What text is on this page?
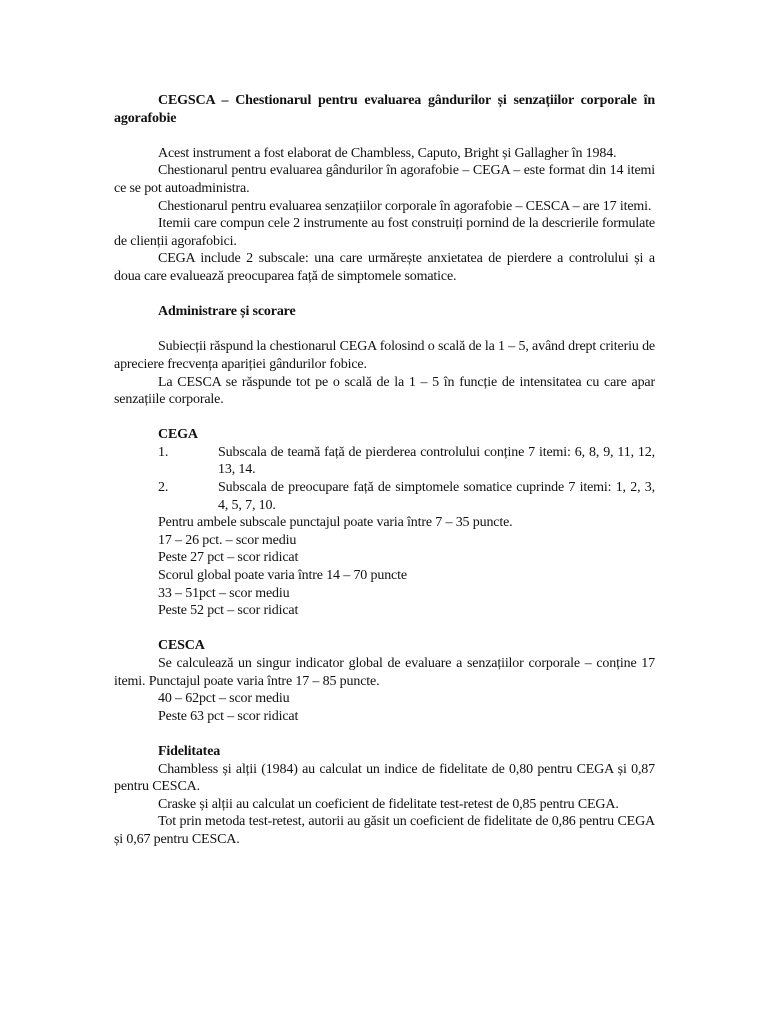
CEGSCA – Chestionarul pentru evaluarea gândurilor și senzațiilor corporale în agorafobie

Acest instrument a fost elaborat de Chambless, Caputo, Bright și Gallagher în 1984.

Chestionarul pentru evaluarea gândurilor în agorafobie – CEGA – este format din 14 itemi ce se pot autoadministra.

Chestionarul pentru evaluarea senzațiilor corporale în agorafobie – CESCA – are 17 itemi.

Itemii care compun cele 2 instrumente au fost construiți pornind de la descrierile formulate de clienții agorafobici.

CEGA include 2 subscale: una care urmărește anxietatea de pierdere a controlului și a doua care evaluează preocuparea față de simptomele somatice.

Administrare și scorare

Subiecții răspund la chestionarul CEGA folosind o scală de la 1 – 5, având drept criteriu de apreciere frecvența apariției gândurilor fobice.

La CESCA se răspunde tot pe o scală de la 1 – 5 în funcție de intensitatea cu care apar senzațiile corporale.

CEGA

1.	Subscala de teamă față de pierderea controlului conține 7 itemi: 6, 8, 9, 11, 12, 13, 14.
2.	Subscala de preocupare față de simptomele somatice cuprinde 7 itemi: 1, 2, 3, 4, 5, 7, 10.

Pentru ambele subscale punctajul poate varia între 7 – 35 puncte.

17 – 26 pct. – scor mediu

Peste 27 pct – scor ridicat

Scorul global poate varia între 14 – 70 puncte

33 – 51pct – scor mediu

Peste 52 pct – scor ridicat

CESCA

Se calculează un singur indicator global de evaluare a senzațiilor corporale – conține 17 itemi. Punctajul poate varia între 17 – 85 puncte.

40 – 62pct – scor mediu

Peste 63 pct – scor ridicat

Fidelitatea

Chambless și alții (1984) au calculat un indice de fidelitate de 0,80 pentru CEGA și 0,87 pentru CESCA.

Craske și alții au calculat un coeficient de fidelitate test-retest de 0,85 pentru CEGA.

Tot prin metoda test-retest, autorii au găsit un coeficient de fidelitate de 0,86 pentru CEGA și 0,67 pentru CESCA.
